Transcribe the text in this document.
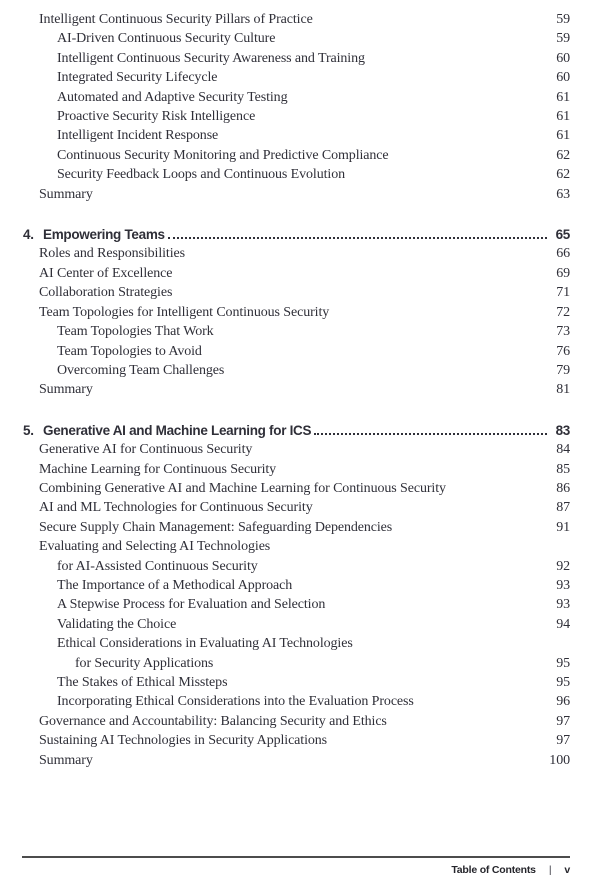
Intelligent Continuous Security Pillars of Practice	59
AI-Driven Continuous Security Culture	59
Intelligent Continuous Security Awareness and Training	60
Integrated Security Lifecycle	60
Automated and Adaptive Security Testing	61
Proactive Security Risk Intelligence	61
Intelligent Incident Response	61
Continuous Security Monitoring and Predictive Compliance	62
Security Feedback Loops and Continuous Evolution	62
Summary	63
4. Empowering Teams	65
Roles and Responsibilities	66
AI Center of Excellence	69
Collaboration Strategies	71
Team Topologies for Intelligent Continuous Security	72
Team Topologies That Work	73
Team Topologies to Avoid	76
Overcoming Team Challenges	79
Summary	81
5. Generative AI and Machine Learning for ICS	83
Generative AI for Continuous Security	84
Machine Learning for Continuous Security	85
Combining Generative AI and Machine Learning for Continuous Security	86
AI and ML Technologies for Continuous Security	87
Secure Supply Chain Management: Safeguarding Dependencies	91
Evaluating and Selecting AI Technologies
for AI-Assisted Continuous Security	92
The Importance of a Methodical Approach	93
A Stepwise Process for Evaluation and Selection	93
Validating the Choice	94
Ethical Considerations in Evaluating AI Technologies
for Security Applications	95
The Stakes of Ethical Missteps	95
Incorporating Ethical Considerations into the Evaluation Process	96
Governance and Accountability: Balancing Security and Ethics	97
Sustaining AI Technologies in Security Applications	97
Summary	100
Table of Contents | v
